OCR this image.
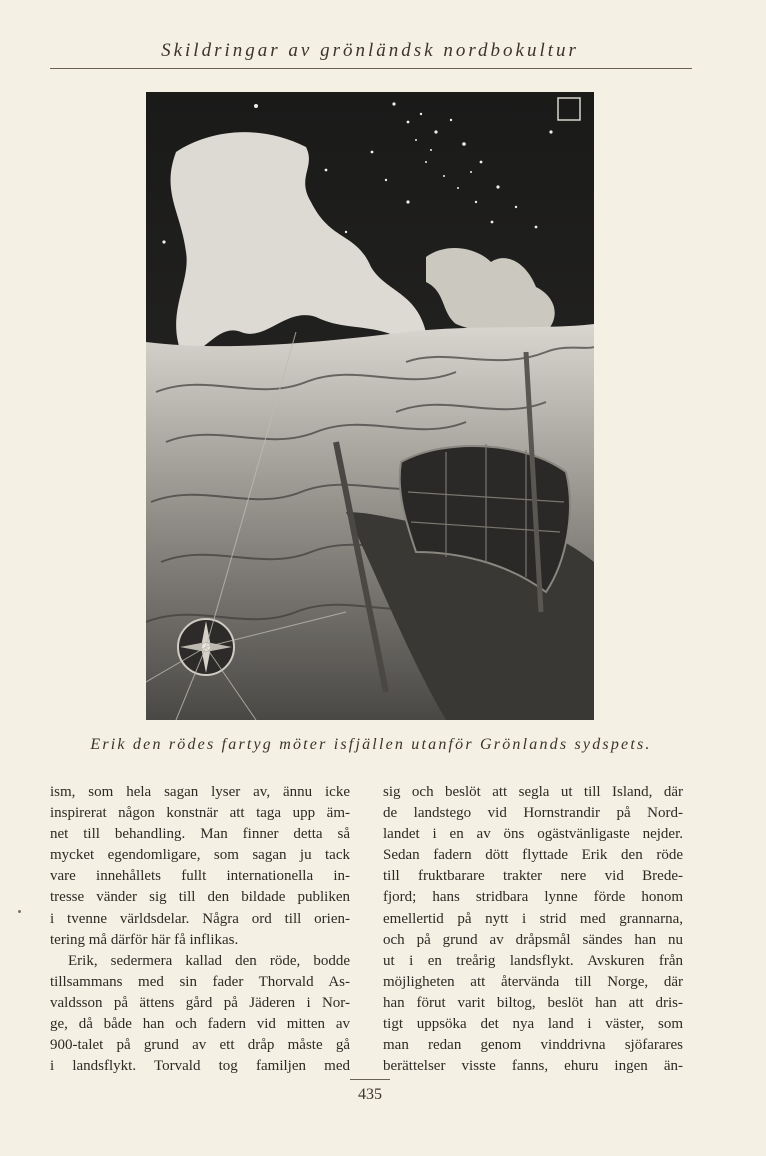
Skildringar av grönländsk nordbokultur
Erik den rödes fartyg möter isfjällen utanför Grönlands sydspets.
ism, som hela sagan lyser av, ännu icke
inspirerat någon konstnär att taga upp äm-
net till behandling. Man finner detta så
mycket egendomligare, som sagan ju tack
vare innehållets fullt internationella in-
tresse vänder sig till den bildade publiken
i tvenne världsdelar. Några ord till orien-
tering må därför här få inflikas.
Erik, sedermera kallad den röde, bodde
tillsammans med sin fader Thorvald As-
valdsson på ättens gård på Jäderen i Nor-
ge, då både han och fadern vid mitten av
900-talet på grund av ett dråp måste gå
i landsflykt. Torvald tog familjen med
sig och beslöt att segla ut till Island, där
de landstego vid Hornstrandir på Nord-
landet i en av öns ogästvänligaste nejder.
Sedan fadern dött flyttade Erik den röde
till fruktbarare trakter nere vid Brede-
fjord; hans stridbara lynne förde honom
emellertid på nytt i strid med grannarna,
och på grund av dråpsmål sändes han nu
ut i en treårig landsflykt. Avskuren från
möjligheten att återvända till Norge, där
han förut varit biltog, beslöt han att dris-
tigt uppsöka det nya land i väster, som
man redan genom vinddrivna sjöfarares
berättelser visste fanns, ehuru ingen än-
435
